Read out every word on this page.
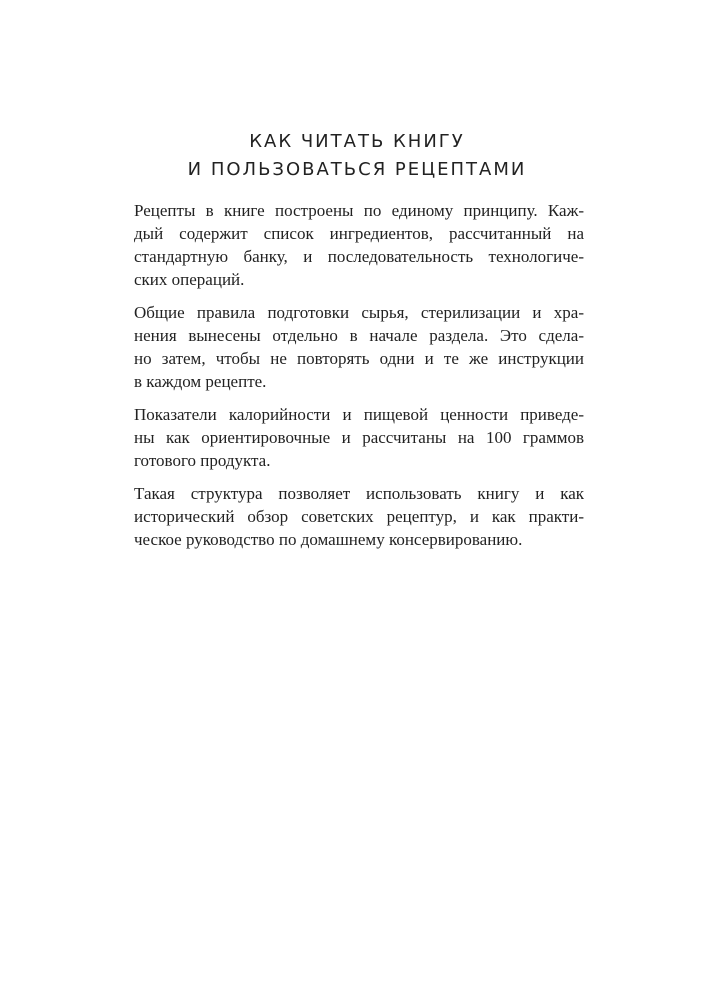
КАК ЧИТАТЬ КНИГУ
И ПОЛЬЗОВАТЬСЯ РЕЦЕПТАМИ
Рецепты в книге построены по единому принципу. Каж-
дый содержит список ингредиентов, рассчитанный на
стандартную банку, и последовательность технологиче-
ских операций.
Общие правила подготовки сырья, стерилизации и хра-
нения вынесены отдельно в начале раздела. Это сдела-
но затем, чтобы не повторять одни и те же инструкции
в каждом рецепте.
Показатели калорийности и пищевой ценности приведе-
ны как ориентировочные и рассчитаны на 100 граммов
готового продукта.
Такая структура позволяет использовать книгу и как
исторический обзор советских рецептур, и как практи-
ческое руководство по домашнему консервированию.
